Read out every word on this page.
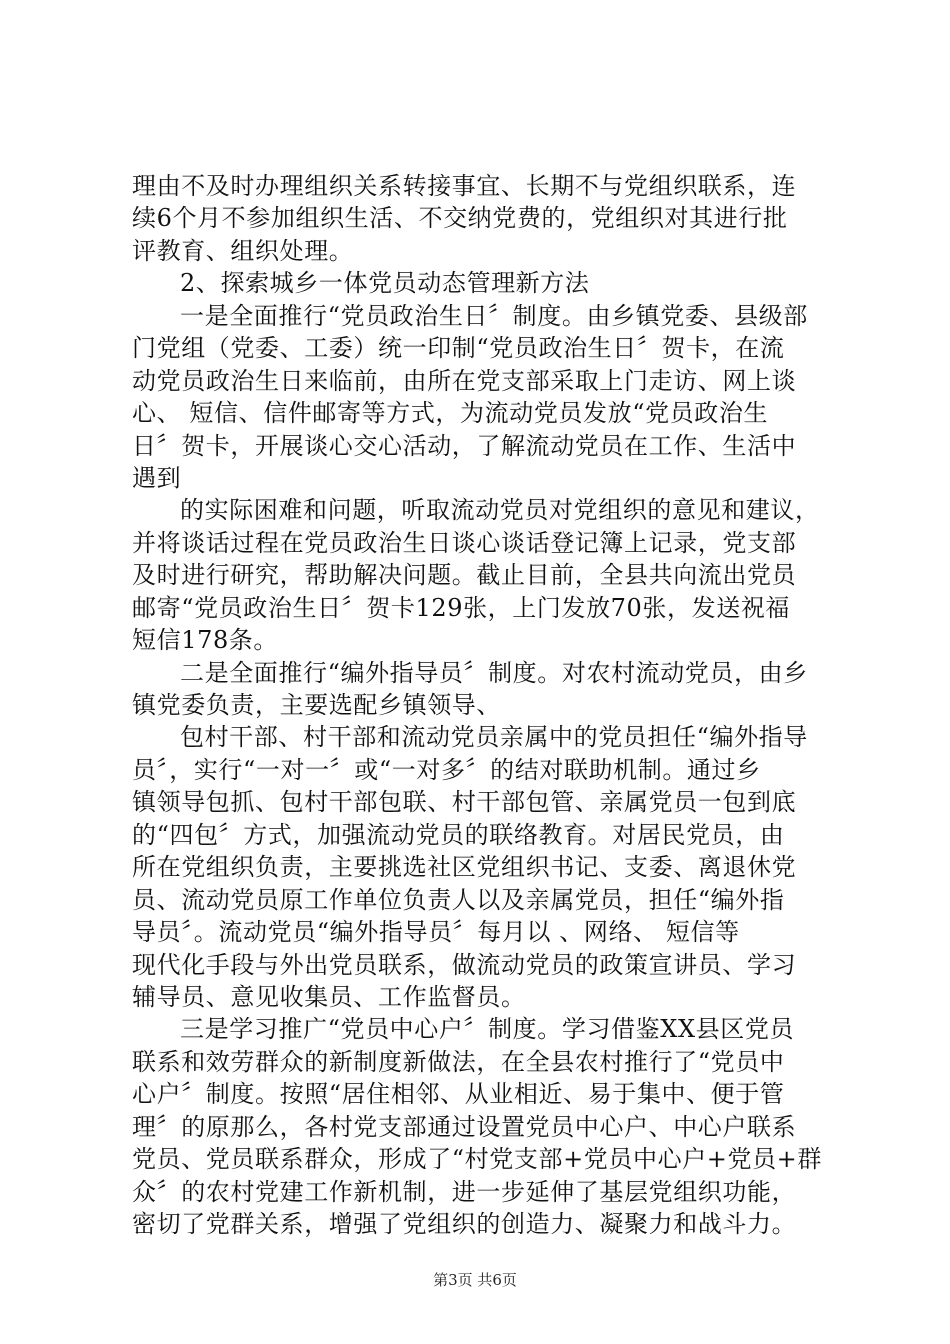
理由不及时办理组织关系转接事宜、长期不与党组织联系，连
续6个月不参加组织生活、不交纳党费的，党组织对其进行批
评教育、组织处理。
2、探索城乡一体党员动态管理新方法
一是全面推行“党员政治生日〞制度。由乡镇党委、县级部
门党组（党委、工委）统一印制“党员政治生日〞贺卡，在流
动党员政治生日来临前，由所在党支部采取上门走访、网上谈
心、 短信、信件邮寄等方式，为流动党员发放“党员政治生
日〞贺卡，开展谈心交心活动，了解流动党员在工作、生活中
遇到
的实际困难和问题，听取流动党员对党组织的意见和建议，
并将谈话过程在党员政治生日谈心谈话登记簿上记录，党支部
及时进行研究，帮助解决问题。截止目前，全县共向流出党员
邮寄“党员政治生日〞贺卡129张，上门发放70张，发送祝福
短信178条。
二是全面推行“编外指导员〞制度。对农村流动党员，由乡
镇党委负责，主要选配乡镇领导、
包村干部、村干部和流动党员亲属中的党员担任“编外指导
员〞，实行“一对一〞或“一对多〞的结对联助机制。通过乡
镇领导包抓、包村干部包联、村干部包管、亲属党员一包到底
的“四包〞方式，加强流动党员的联络教育。对居民党员，由
所在党组织负责，主要挑选社区党组织书记、支委、离退休党
员、流动党员原工作单位负责人以及亲属党员，担任“编外指
导员〞。流动党员“编外指导员〞每月以 、网络、 短信等
现代化手段与外出党员联系，做流动党员的政策宣讲员、学习
辅导员、意见收集员、工作监督员。
三是学习推广“党员中心户〞制度。学习借鉴XX县区党员
联系和效劳群众的新制度新做法，在全县农村推行了“党员中
心户〞制度。按照“居住相邻、从业相近、易于集中、便于管
理〞的原那么，各村党支部通过设置党员中心户、中心户联系
党员、党员联系群众，形成了“村党支部+党员中心户+党员+群
众〞的农村党建工作新机制，进一步延伸了基层党组织功能，
密切了党群关系，增强了党组织的创造力、凝聚力和战斗力。
第3页 共6页
